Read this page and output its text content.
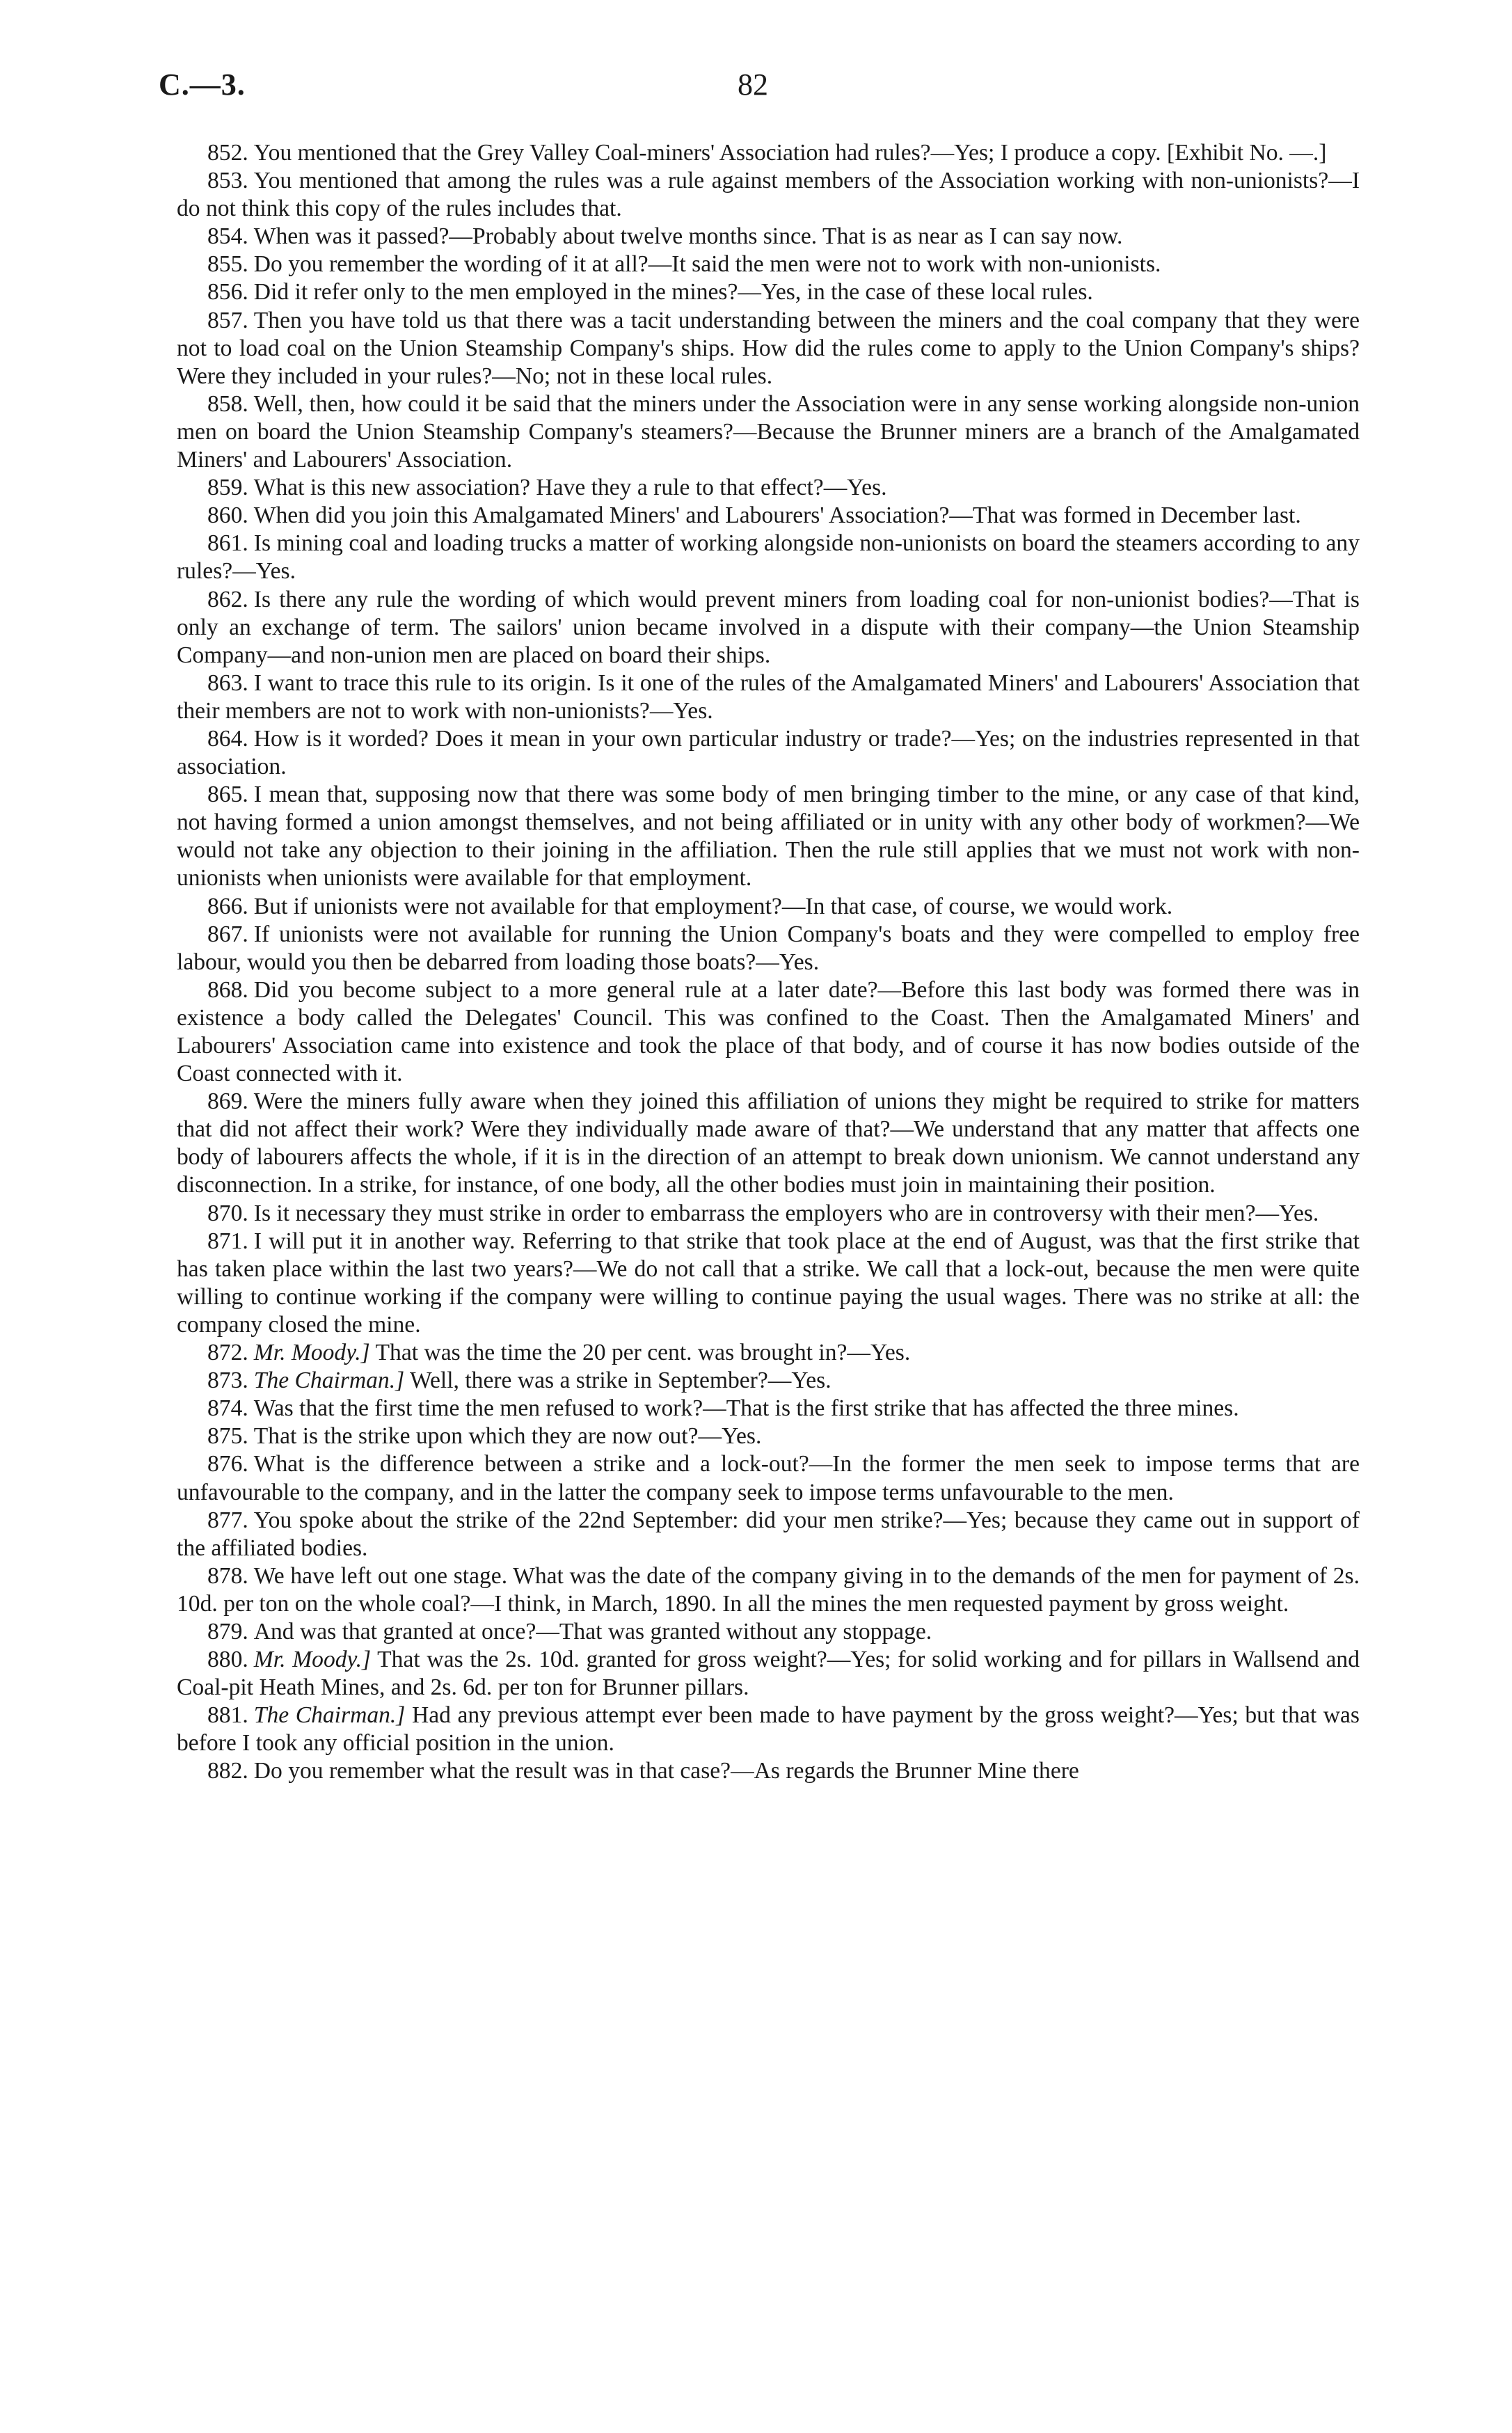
C.—3.	82

852. You mentioned that the Grey Valley Coal-miners' Association had rules?—Yes; I produce a copy. [Exhibit No. —.]

853. You mentioned that among the rules was a rule against members of the Association working with non-unionists?—I do not think this copy of the rules includes that.

854. When was it passed?—Probably about twelve months since. That is as near as I can say now.

855. Do you remember the wording of it at all?—It said the men were not to work with non-unionists.

856. Did it refer only to the men employed in the mines?—Yes, in the case of these local rules.

857. Then you have told us that there was a tacit understanding between the miners and the coal company that they were not to load coal on the Union Steamship Company's ships. How did the rules come to apply to the Union Company's ships? Were they included in your rules?—No; not in these local rules.

858. Well, then, how could it be said that the miners under the Association were in any sense working alongside non-union men on board the Union Steamship Company's steamers?—Because the Brunner miners are a branch of the Amalgamated Miners' and Labourers' Association.

859. What is this new association? Have they a rule to that effect?—Yes.

860. When did you join this Amalgamated Miners' and Labourers' Association?—That was formed in December last.

861. Is mining coal and loading trucks a matter of working alongside non-unionists on board the steamers according to any rules?—Yes.

862. Is there any rule the wording of which would prevent miners from loading coal for non-unionist bodies?—That is only an exchange of term. The sailors' union became involved in a dispute with their company—the Union Steamship Company—and non-union men are placed on board their ships.

863. I want to trace this rule to its origin. Is it one of the rules of the Amalgamated Miners' and Labourers' Association that their members are not to work with non-unionists?—Yes.

864. How is it worded? Does it mean in your own particular industry or trade?—Yes; on the industries represented in that association.

865. I mean that, supposing now that there was some body of men bringing timber to the mine, or any case of that kind, not having formed a union amongst themselves, and not being affiliated or in unity with any other body of workmen?—We would not take any objection to their joining in the affiliation. Then the rule still applies that we must not work with non-unionists when unionists were available for that employment.

866. But if unionists were not available for that employment?—In that case, of course, we would work.

867. If unionists were not available for running the Union Company's boats and they were compelled to employ free labour, would you then be debarred from loading those boats?—Yes.

868. Did you become subject to a more general rule at a later date?—Before this last body was formed there was in existence a body called the Delegates' Council. This was confined to the Coast. Then the Amalgamated Miners' and Labourers' Association came into existence and took the place of that body, and of course it has now bodies outside of the Coast connected with it.

869. Were the miners fully aware when they joined this affiliation of unions they might be required to strike for matters that did not affect their work? Were they individually made aware of that?—We understand that any matter that affects one body of labourers affects the whole, if it is in the direction of an attempt to break down unionism. We cannot understand any disconnection. In a strike, for instance, of one body, all the other bodies must join in maintaining their position.

870. Is it necessary they must strike in order to embarrass the employers who are in controversy with their men?—Yes.

871. I will put it in another way. Referring to that strike that took place at the end of August, was that the first strike that has taken place within the last two years?—We do not call that a strike. We call that a lock-out, because the men were quite willing to continue working if the company were willing to continue paying the usual wages. There was no strike at all: the company closed the mine.

872. Mr. Moody.] That was the time the 20 per cent. was brought in?—Yes.

873. The Chairman.] Well, there was a strike in September?—Yes.

874. Was that the first time the men refused to work?—That is the first strike that has affected the three mines.

875. That is the strike upon which they are now out?—Yes.

876. What is the difference between a strike and a lock-out?—In the former the men seek to impose terms that are unfavourable to the company, and in the latter the company seek to impose terms unfavourable to the men.

877. You spoke about the strike of the 22nd September: did your men strike?—Yes; because they came out in support of the affiliated bodies.

878. We have left out one stage. What was the date of the company giving in to the demands of the men for payment of 2s. 10d. per ton on the whole coal?—I think, in March, 1890. In all the mines the men requested payment by gross weight.

879. And was that granted at once?—That was granted without any stoppage.

880. Mr. Moody.] That was the 2s. 10d. granted for gross weight?—Yes; for solid working and for pillars in Wallsend and Coal-pit Heath Mines, and 2s. 6d. per ton for Brunner pillars.

881. The Chairman.] Had any previous attempt ever been made to have payment by the gross weight?—Yes; but that was before I took any official position in the union.

882. Do you remember what the result was in that case?—As regards the Brunner Mine there
